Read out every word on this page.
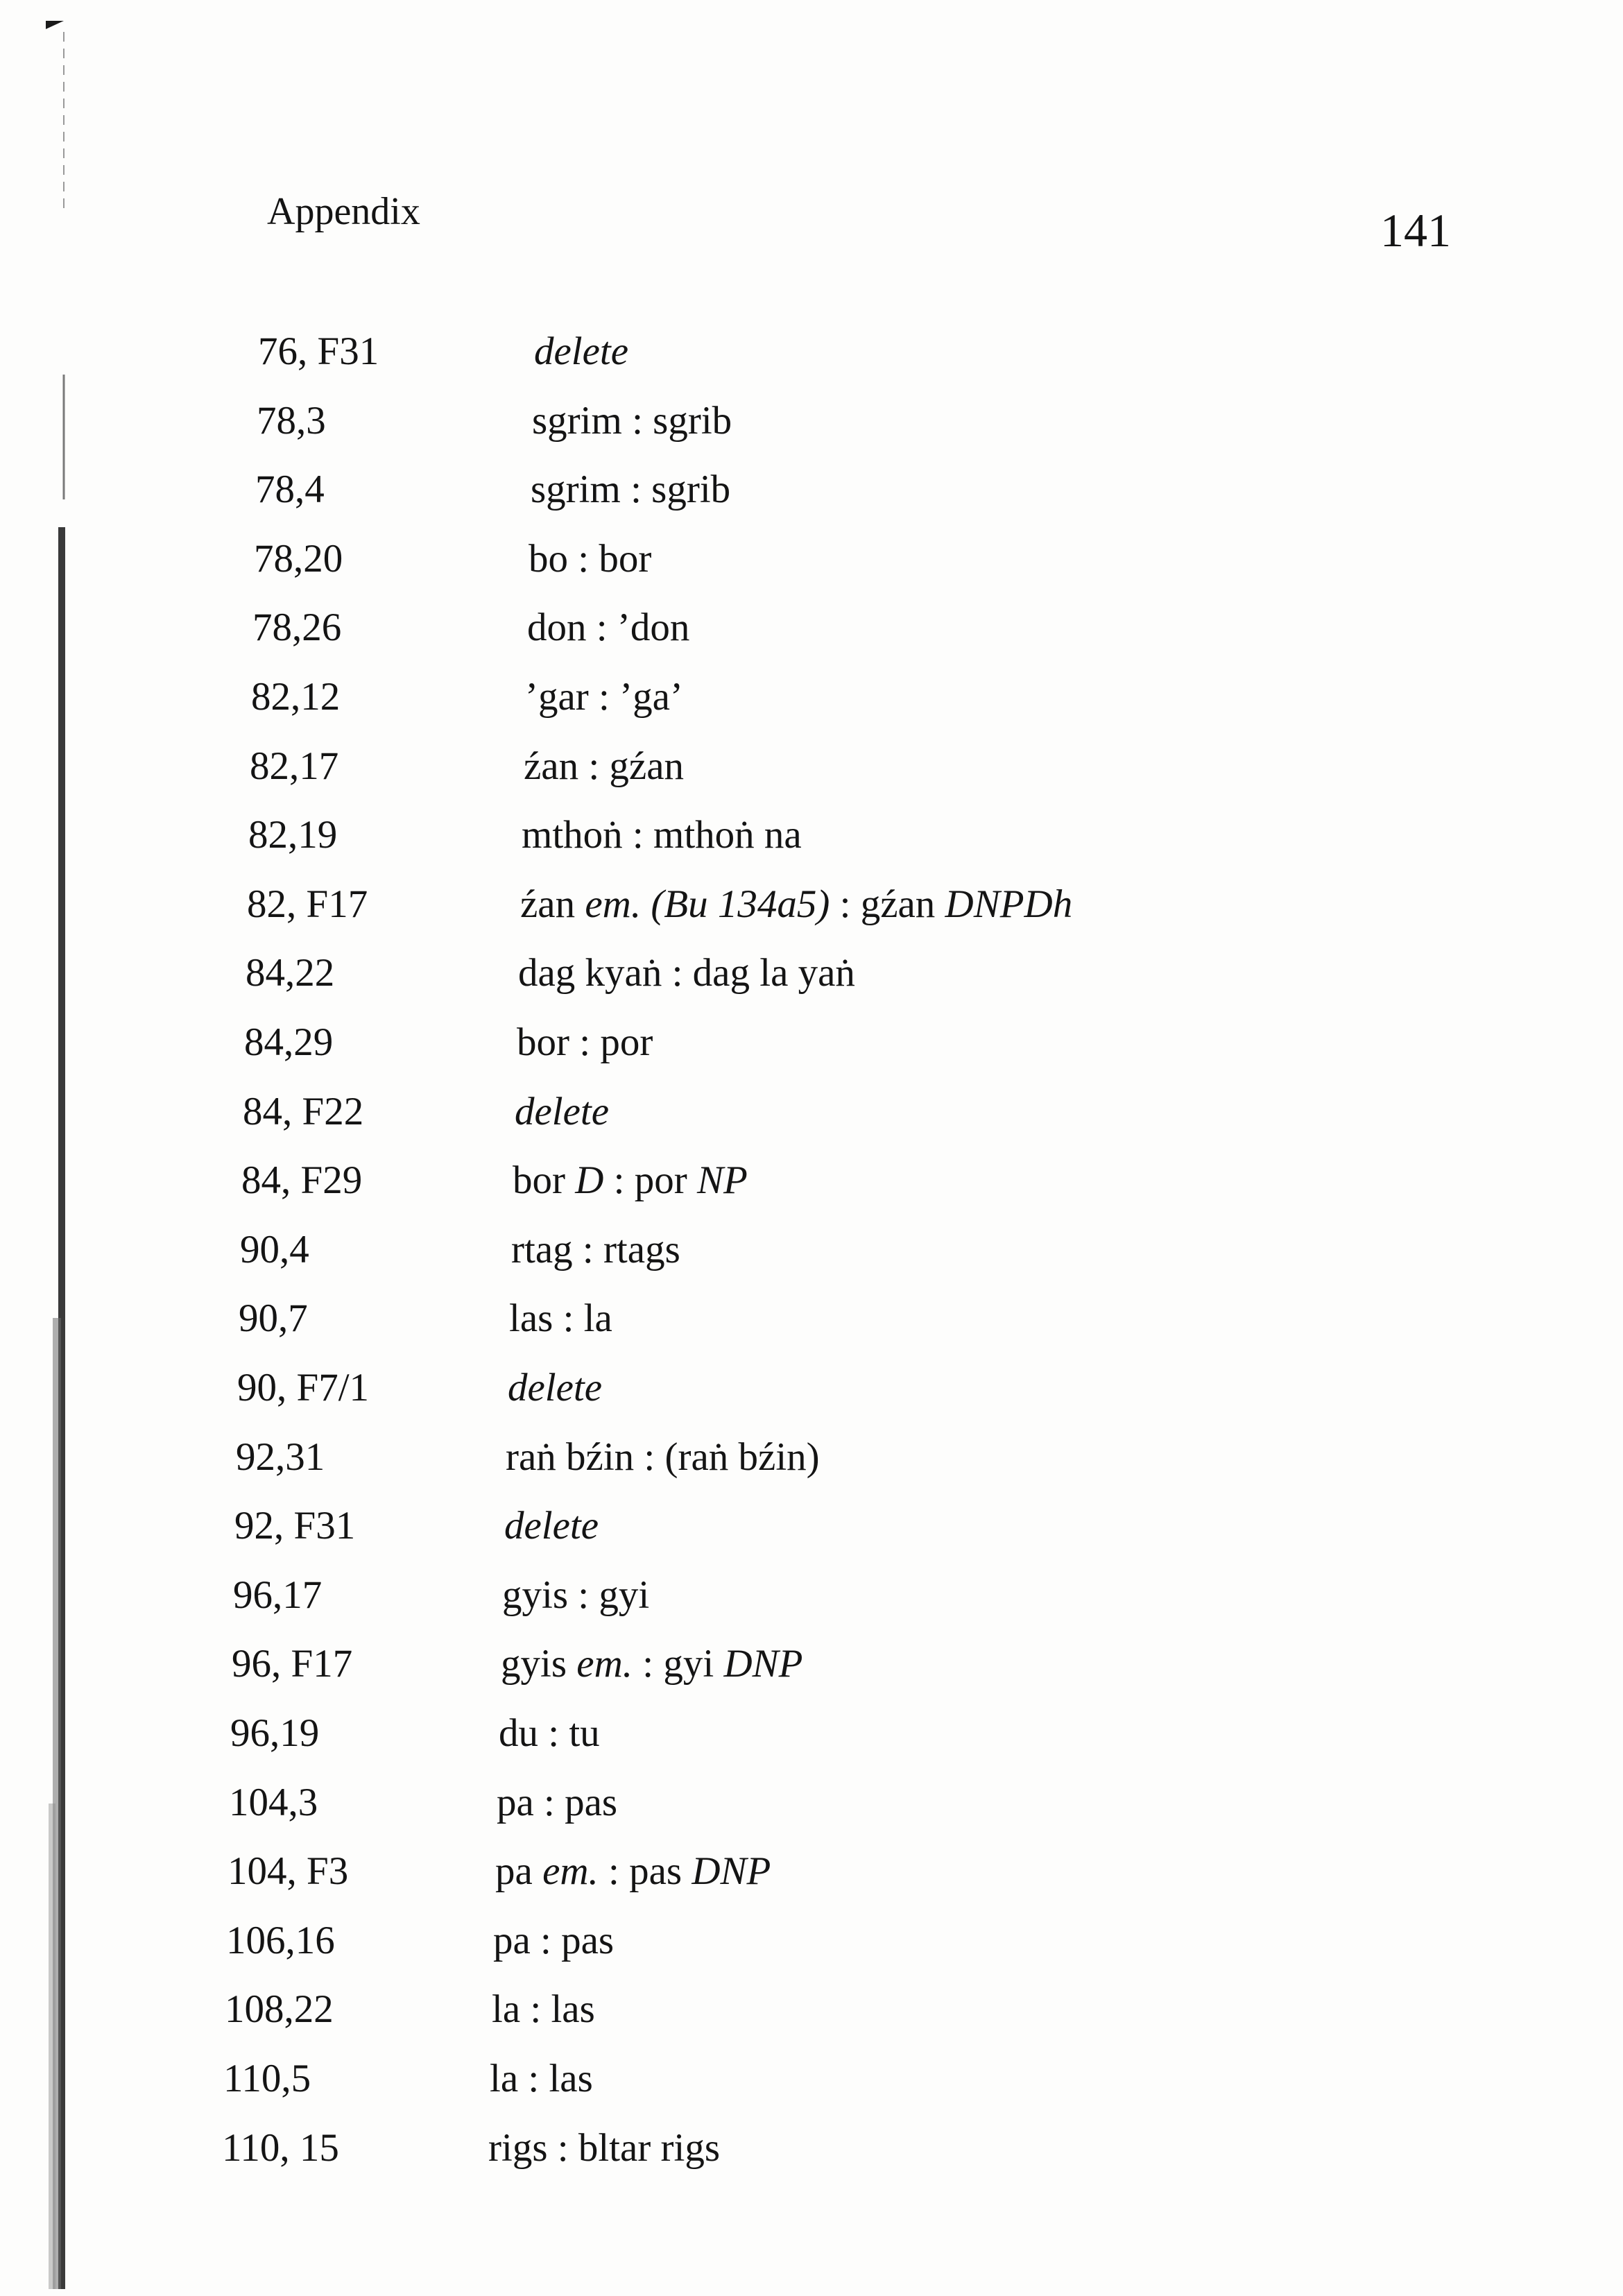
Appendix	141
76, F31	delete
78,3	sgrim : sgrib
78,4	sgrim : sgrib
78,20	bo : bor
78,26	don : ’don
82,12	’gar : ’ga’
82,17	źan : gźan
82,19	mthoṅ : mthoṅ na
82, F17	źan em. (Bu 134a5) : gźan DNPDh
84,22	dag kyaṅ : dag la yaṅ
84,29	bor : por
84, F22	delete
84, F29	bor D : por NP
90,4	rtag : rtags
90,7	las : la
90, F7/1	delete
92,31	raṅ bźin : (raṅ bźin)
92, F31	delete
96,17	gyis : gyi
96, F17	gyis em. : gyi DNP
96,19	du : tu
104,3	pa : pas
104, F3	pa em. : pas DNP
106,16	pa : pas
108,22	la : las
110,5	la : las
110, 15	rigs : bltar rigs
